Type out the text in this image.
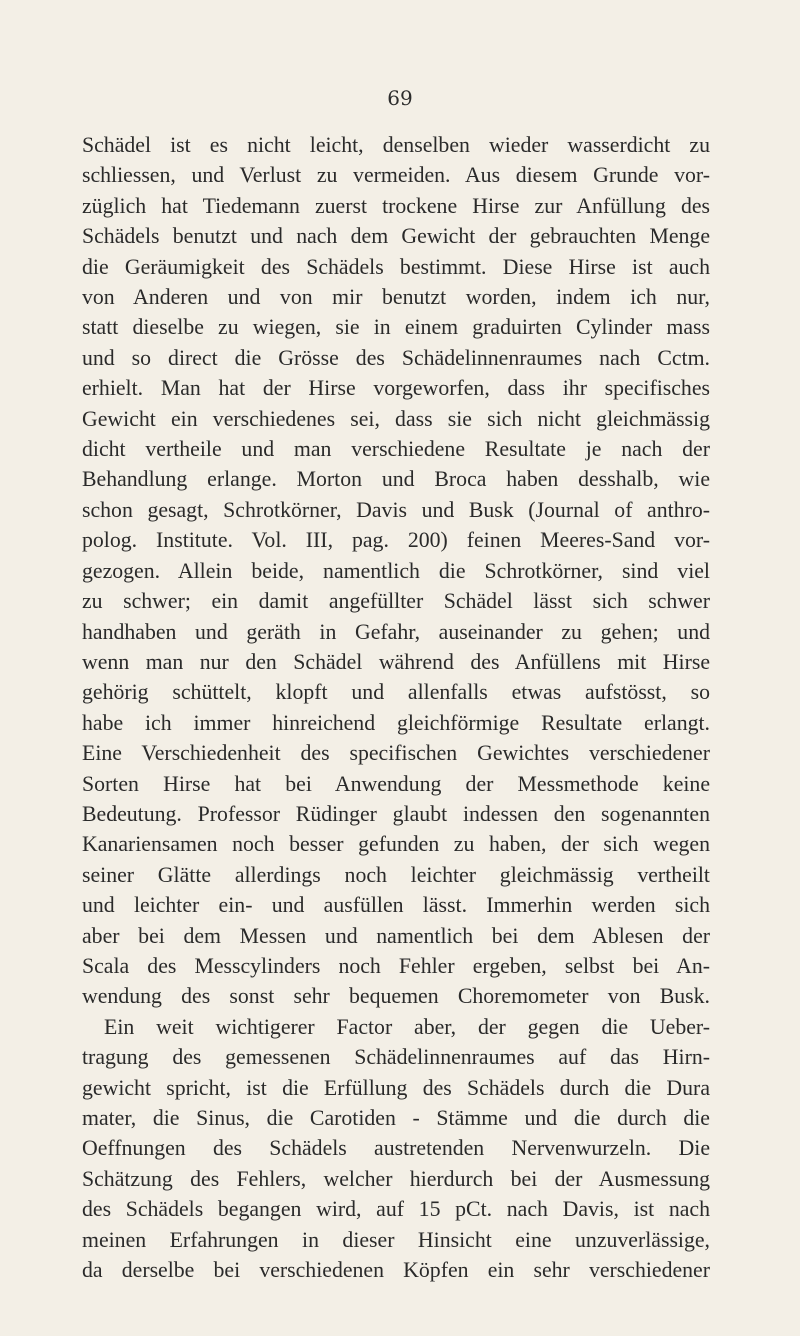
69
Schädel ist es nicht leicht, denselben wieder wasserdicht zu
schliessen, und Verlust zu vermeiden. Aus diesem Grunde vor-
züglich hat Tiedemann zuerst trockene Hirse zur Anfüllung des
Schädels benutzt und nach dem Gewicht der gebrauchten Menge
die Geräumigkeit des Schädels bestimmt. Diese Hirse ist auch
von Anderen und von mir benutzt worden, indem ich nur,
statt dieselbe zu wiegen, sie in einem graduirten Cylinder mass
und so direct die Grösse des Schädelinnenraumes nach Cctm.
erhielt. Man hat der Hirse vorgeworfen, dass ihr specifisches
Gewicht ein verschiedenes sei, dass sie sich nicht gleichmässig
dicht vertheile und man verschiedene Resultate je nach der
Behandlung erlange. Morton und Broca haben desshalb, wie
schon gesagt, Schrotkörner, Davis und Busk (Journal of anthro-
polog. Institute. Vol. III, pag. 200) feinen Meeres-Sand vor-
gezogen. Allein beide, namentlich die Schrotkörner, sind viel
zu schwer; ein damit angefüllter Schädel lässt sich schwer
handhaben und geräth in Gefahr, auseinander zu gehen; und
wenn man nur den Schädel während des Anfüllens mit Hirse
gehörig schüttelt, klopft und allenfalls etwas aufstösst, so
habe ich immer hinreichend gleichförmige Resultate erlangt.
Eine Verschiedenheit des specifischen Gewichtes verschiedener
Sorten Hirse hat bei Anwendung der Messmethode keine
Bedeutung. Professor Rüdinger glaubt indessen den sogenannten
Kanariensamen noch besser gefunden zu haben, der sich wegen
seiner Glätte allerdings noch leichter gleichmässig vertheilt
und leichter ein- und ausfüllen lässt. Immerhin werden sich
aber bei dem Messen und namentlich bei dem Ablesen der
Scala des Messcylinders noch Fehler ergeben, selbst bei An-
wendung des sonst sehr bequemen Choremometer von Busk.
Ein weit wichtigerer Factor aber, der gegen die Ueber-
tragung des gemessenen Schädelinnenraumes auf das Hirn-
gewicht spricht, ist die Erfüllung des Schädels durch die Dura
mater, die Sinus, die Carotiden - Stämme und die durch die
Oeffnungen des Schädels austretenden Nervenwurzeln. Die
Schätzung des Fehlers, welcher hierdurch bei der Ausmessung
des Schädels begangen wird, auf 15 pCt. nach Davis, ist nach
meinen Erfahrungen in dieser Hinsicht eine unzuverlässige,
da derselbe bei verschiedenen Köpfen ein sehr verschiedener
